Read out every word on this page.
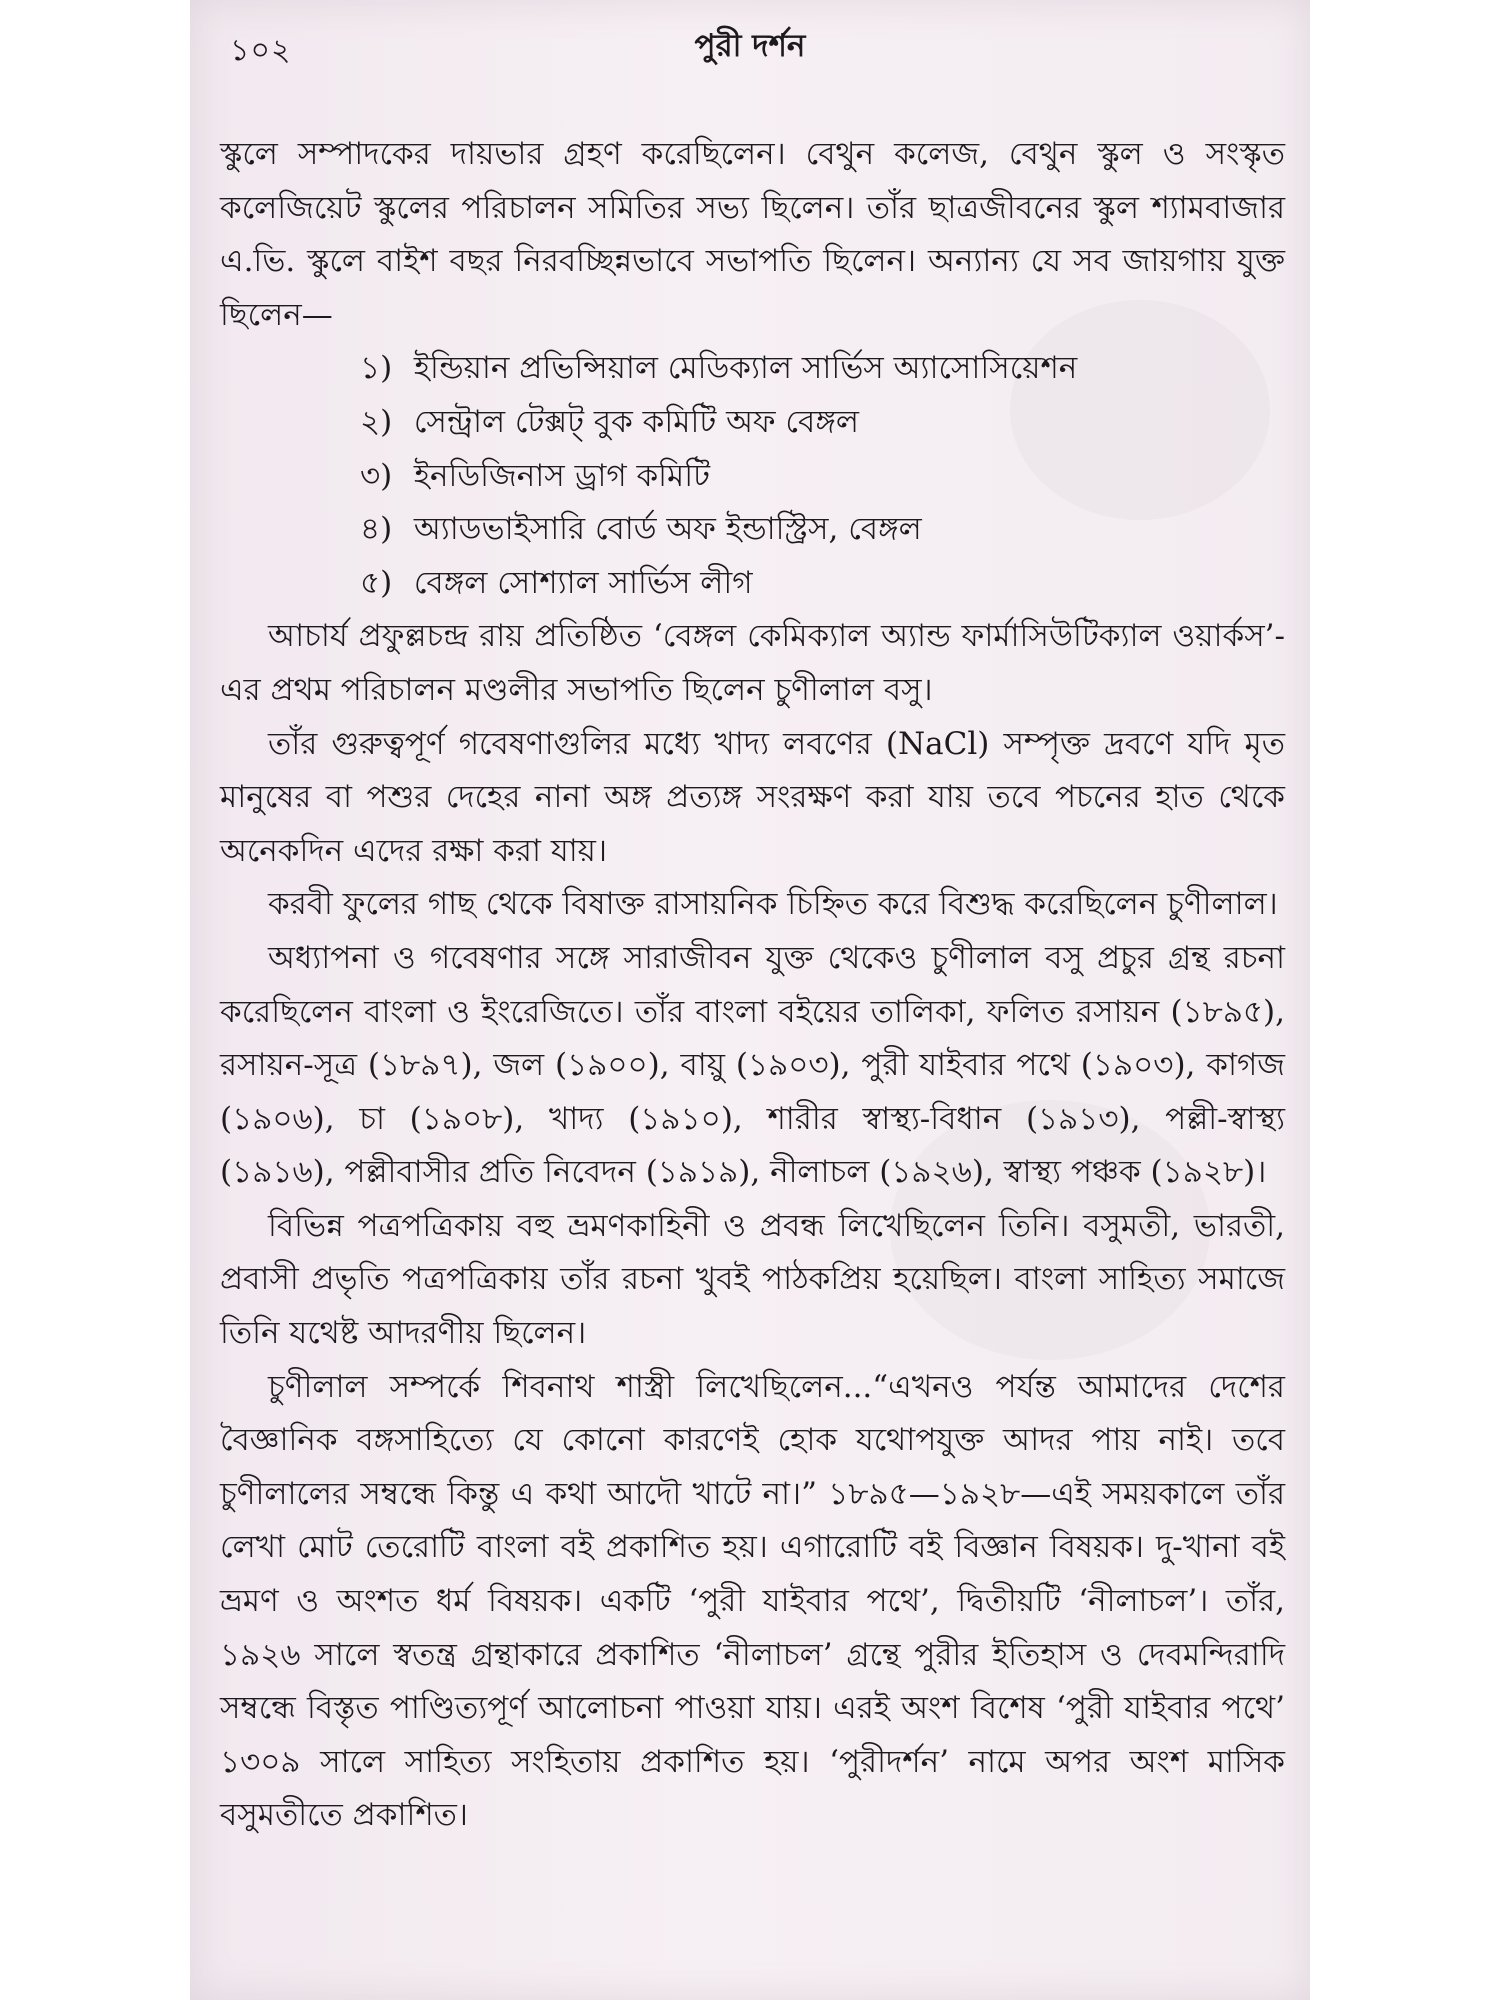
১০২	পুরী দর্শন

স্কুলে সম্পাদকের দায়ভার গ্রহণ করেছিলেন। বেথুন কলেজ, বেথুন স্কুল ও সংস্কৃত কলেজিয়েট স্কুলের পরিচালন সমিতির সভ্য ছিলেন। তাঁর ছাত্রজীবনের স্কুল শ্যামবাজার এ.ভি. স্কুলে বাইশ বছর নিরবচ্ছিন্নভাবে সভাপতি ছিলেন। অন্যান্য যে সব জায়গায় যুক্ত ছিলেন—

১) ইন্ডিয়ান প্রভিন্সিয়াল মেডিক্যাল সার্ভিস অ্যাসোসিয়েশন
২) সেন্ট্রাল টেক্সট্ বুক কমিটি অফ বেঙ্গল
৩) ইনডিজিনাস ড্রাগ কমিটি
৪) অ্যাডভাইসারি বোর্ড অফ ইন্ডাস্ট্রিস, বেঙ্গল
৫) বেঙ্গল সোশ্যাল সার্ভিস লীগ

আচার্য প্রফুল্লচন্দ্র রায় প্রতিষ্ঠিত ‘বেঙ্গল কেমিক্যাল অ্যান্ড ফার্মাসিউটিক্যাল ওয়ার্কস’-এর প্রথম পরিচালন মণ্ডলীর সভাপতি ছিলেন চুণীলাল বসু।

তাঁর গুরুত্বপূর্ণ গবেষণাগুলির মধ্যে খাদ্য লবণের (NaCl) সম্পৃক্ত দ্রবণে যদি মৃত মানুষের বা পশুর দেহের নানা অঙ্গ প্রত্যঙ্গ সংরক্ষণ করা যায় তবে পচনের হাত থেকে অনেকদিন এদের রক্ষা করা যায়।

করবী ফুলের গাছ থেকে বিষাক্ত রাসায়নিক চিহ্নিত করে বিশুদ্ধ করেছিলেন চুণীলাল।

অধ্যাপনা ও গবেষণার সঙ্গে সারাজীবন যুক্ত থেকেও চুণীলাল বসু প্রচুর গ্রন্থ রচনা করেছিলেন বাংলা ও ইংরেজিতে। তাঁর বাংলা বইয়ের তালিকা, ফলিত রসায়ন (১৮৯৫), রসায়ন-সূত্র (১৮৯৭), জল (১৯০০), বায়ু (১৯০৩), পুরী যাইবার পথে (১৯০৩), কাগজ (১৯০৬), চা (১৯০৮), খাদ্য (১৯১০), শারীর স্বাস্থ্য-বিধান (১৯১৩), পল্লী-স্বাস্থ্য (১৯১৬), পল্লীবাসীর প্রতি নিবেদন (১৯১৯), নীলাচল (১৯২৬), স্বাস্থ্য পঞ্চক (১৯২৮)।

বিভিন্ন পত্রপত্রিকায় বহু ভ্রমণকাহিনী ও প্রবন্ধ লিখেছিলেন তিনি। বসুমতী, ভারতী, প্রবাসী প্রভৃতি পত্রপত্রিকায় তাঁর রচনা খুবই পাঠকপ্রিয় হয়েছিল। বাংলা সাহিত্য সমাজে তিনি যথেষ্ট আদরণীয় ছিলেন।

চুণীলাল সম্পর্কে শিবনাথ শাস্ত্রী লিখেছিলেন...“এখনও পর্যন্ত আমাদের দেশের বৈজ্ঞানিক বঙ্গসাহিত্যে যে কোনো কারণেই হোক যথোপযুক্ত আদর পায় নাই। তবে চুণীলালের সম্বন্ধে কিন্তু এ কথা আদৌ খাটে না।” ১৮৯৫—১৯২৮—এই সময়কালে তাঁর লেখা মোট তেরোটি বাংলা বই প্রকাশিত হয়। এগারোটি বই বিজ্ঞান বিষয়ক। দু-খানা বই ভ্রমণ ও অংশত ধর্ম বিষয়ক। একটি ‘পুরী যাইবার পথে’, দ্বিতীয়টি ‘নীলাচল’। তাঁর, ১৯২৬ সালে স্বতন্ত্র গ্রন্থাকারে প্রকাশিত ‘নীলাচল’ গ্রন্থে পুরীর ইতিহাস ও দেবমন্দিরাদি সম্বন্ধে বিস্তৃত পাণ্ডিত্যপূর্ণ আলোচনা পাওয়া যায়। এরই অংশ বিশেষ ‘পুরী যাইবার পথে’ ১৩০৯ সালে সাহিত্য সংহিতায় প্রকাশিত হয়। ‘পুরীদর্শন’ নামে অপর অংশ মাসিক বসুমতীতে প্রকাশিত।
